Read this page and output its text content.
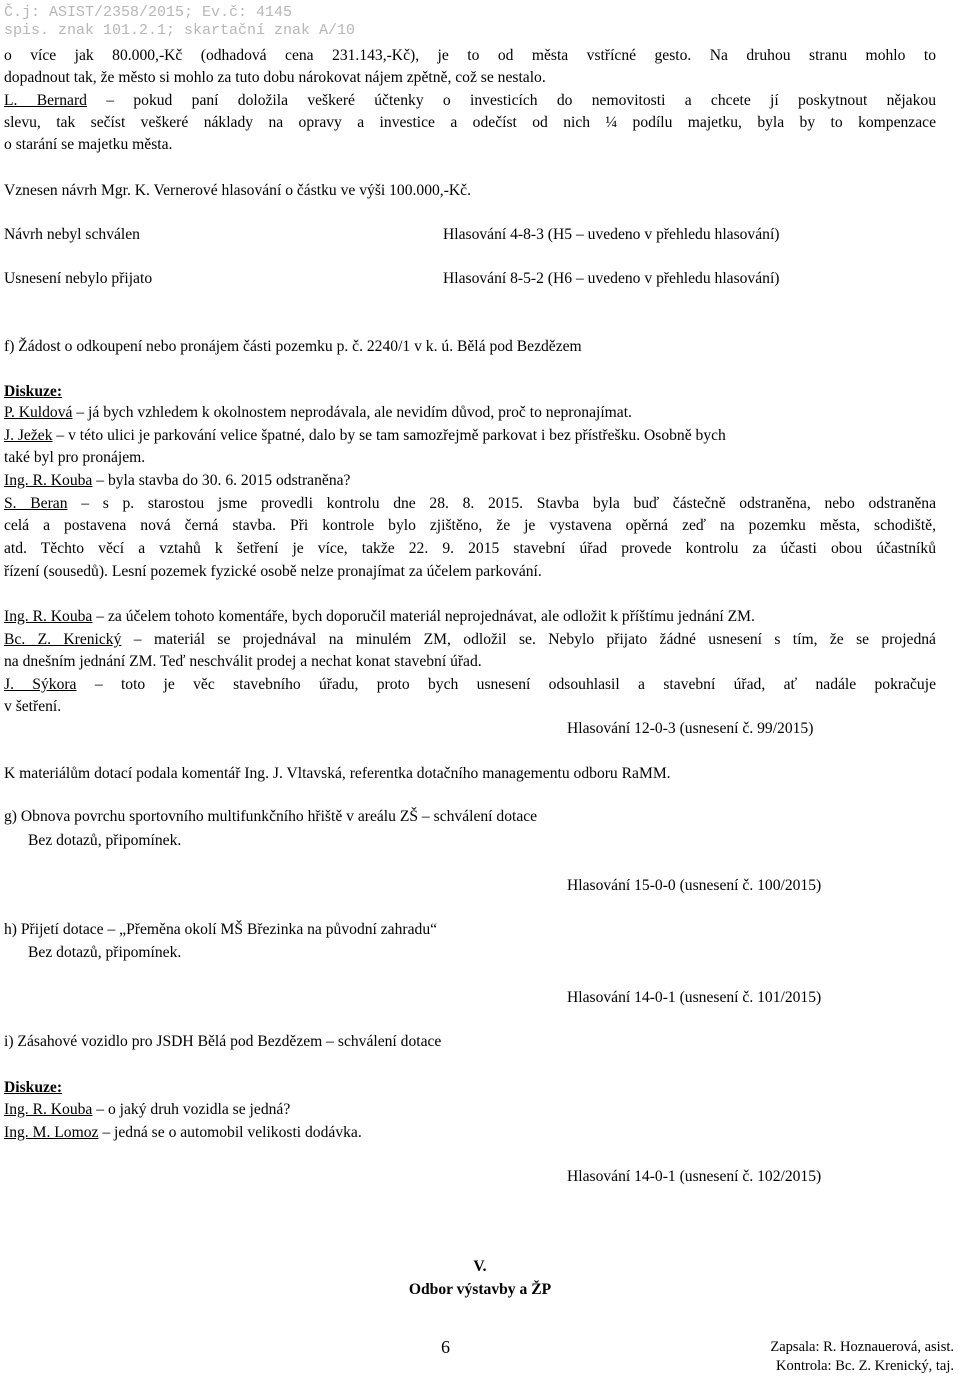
Č.j: ASIST/2358/2015; Ev.č: 4145
spis. znak 101.2.1; skartační znak A/10
o více jak 80.000,-Kč (odhadová cena 231.143,-Kč), je to od města vstřícné gesto. Na druhou stranu mohlo to
dopadnout tak, že město si mohlo za tuto dobu nárokovat nájem zpětně, což se nestalo.
L. Bernard – pokud paní doložila veškeré účtenky o investicích do nemovitosti a chcete jí poskytnout nějakou
slevu, tak sečíst veškeré náklady na opravy a investice a odečíst od nich ¼ podílu majetku, byla by to kompenzace
o starání se majetku města.
Vznesen návrh Mgr. K. Vernerové hlasování o částku ve výši 100.000,-Kč.
Návrh nebyl schválen	Hlasování 4-8-3 (H5 – uvedeno v přehledu hlasování)
Usnesení nebylo přijato	Hlasování 8-5-2 (H6 – uvedeno v přehledu hlasování)
f) Žádost o odkoupení nebo pronájem části pozemku p. č. 2240/1 v k. ú. Bělá pod Bezdězem
Diskuze:
P. Kuldová – já bych vzhledem k okolnostem neprodávala, ale nevidím důvod, proč to nepronajímat.
J. Ježek – v této ulici je parkování velice špatné, dalo by se tam samozřejmě parkovat i bez přístřešku. Osobně bych
také byl pro pronájem.
Ing. R. Kouba – byla stavba do 30. 6. 2015 odstraněna?
S. Beran – s p. starostou jsme provedli kontrolu dne 28. 8. 2015. Stavba byla buď částečně odstraněna, nebo odstraněna
celá a postavena nová černá stavba. Při kontrole bylo zjištěno, že je vystavena opěrná zeď na pozemku města, schodiště,
atd. Těchto věcí a vztahů k šetření je více, takže 22. 9. 2015 stavební úřad provede kontrolu za účasti obou účastníků
řízení (sousedů). Lesní pozemek fyzické osobě nelze pronajímat za účelem parkování.
Ing. R. Kouba – za účelem tohoto komentáře, bych doporučil materiál neprojednávat, ale odložit k příštímu jednání ZM.
Bc. Z. Krenický – materiál se projednával na minulém ZM, odložil se. Nebylo přijato žádné usnesení s tím, že se projedná
na dnešním jednání ZM. Teď neschválit prodej a nechat konat stavební úřad.
J. Sýkora – toto je věc stavebního úřadu, proto bych usnesení odsouhlasil a stavební úřad, ať nadále pokračuje
v šetření.
Hlasování 12-0-3 (usnesení č. 99/2015)
K materiálům dotací podala komentář Ing. J. Vltavská, referentka dotačního managementu odboru RaMM.
g) Obnova povrchu sportovního multifunkčního hřiště v areálu ZŠ – schválení dotace
Bez dotazů, připomínek.
Hlasování 15-0-0 (usnesení č. 100/2015)
h) Přijetí dotace – „Přeměna okolí MŠ Březinka na původní zahradu“
Bez dotazů, připomínek.
Hlasování 14-0-1 (usnesení č. 101/2015)
i) Zásahové vozidlo pro JSDH Bělá pod Bezdězem – schválení dotace
Diskuze:
Ing. R. Kouba – o jaký druh vozidla se jedná?
Ing. M. Lomoz – jedná se o automobil velikosti dodávka.
Hlasování 14-0-1 (usnesení č. 102/2015)
V.
Odbor výstavby a ŽP
6	Zapsala: R. Hoznauerová, asist.
Kontrola: Bc. Z. Krenický, taj.
